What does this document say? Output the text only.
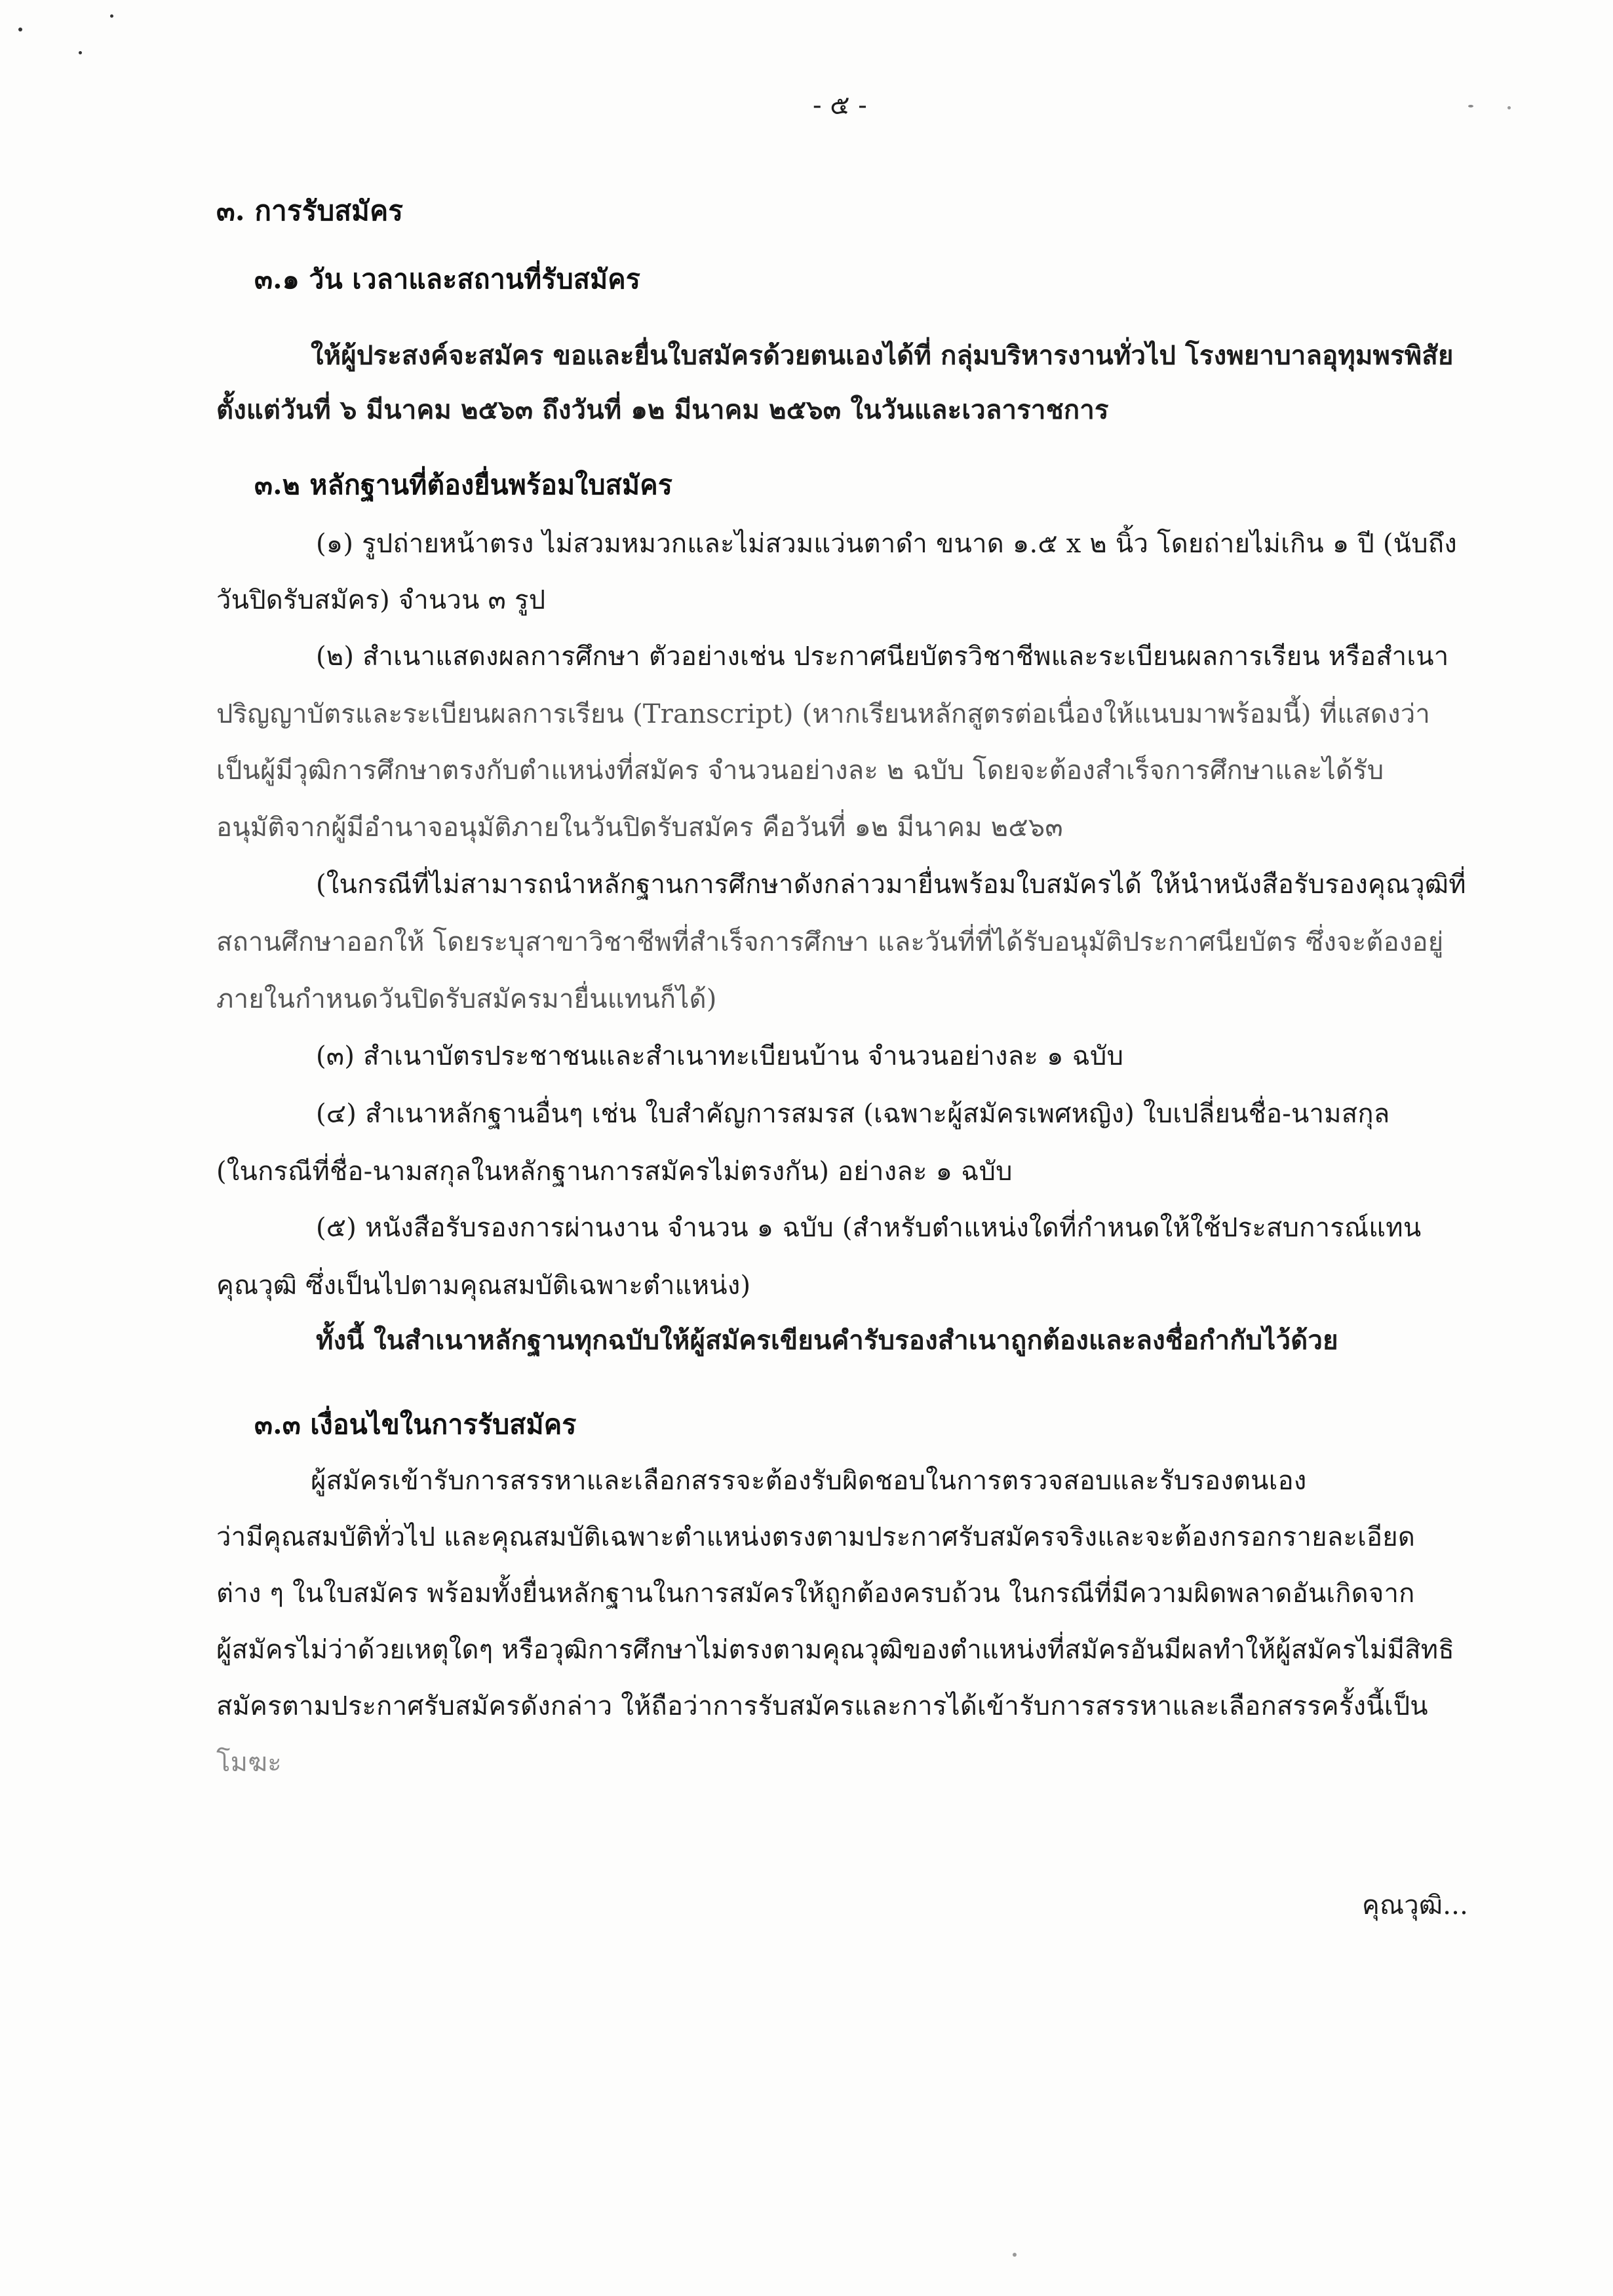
- ๕ -
๓. การรับสมัคร
๓.๑ วัน เวลาและสถานที่รับสมัคร
ให้ผู้ประสงค์จะสมัคร ขอและยื่นใบสมัครด้วยตนเองได้ที่ กลุ่มบริหารงานทั่วไป โรงพยาบาลอุทุมพรพิสัย
ตั้งแต่วันที่ ๖ มีนาคม ๒๕๖๓ ถึงวันที่ ๑๒ มีนาคม ๒๕๖๓ ในวันและเวลาราชการ
๓.๒ หลักฐานที่ต้องยื่นพร้อมใบสมัคร
(๑) รูปถ่ายหน้าตรง ไม่สวมหมวกและไม่สวมแว่นตาดำ ขนาด ๑.๕ x ๒ นิ้ว โดยถ่ายไม่เกิน ๑ ปี (นับถึง
วันปิดรับสมัคร) จำนวน ๓ รูป
(๒) สำเนาแสดงผลการศึกษา ตัวอย่างเช่น ประกาศนียบัตรวิชาชีพและระเบียนผลการเรียน หรือสำเนา
ปริญญาบัตรและระเบียนผลการเรียน (Transcript) (หากเรียนหลักสูตรต่อเนื่องให้แนบมาพร้อมนี้) ที่แสดงว่า
เป็นผู้มีวุฒิการศึกษาตรงกับตำแหน่งที่สมัคร จำนวนอย่างละ ๒ ฉบับ โดยจะต้องสำเร็จการศึกษาและได้รับ
อนุมัติจากผู้มีอำนาจอนุมัติภายในวันปิดรับสมัคร คือวันที่ ๑๒ มีนาคม ๒๕๖๓
(ในกรณีที่ไม่สามารถนำหลักฐานการศึกษาดังกล่าวมายื่นพร้อมใบสมัครได้ ให้นำหนังสือรับรองคุณวุฒิที่
สถานศึกษาออกให้ โดยระบุสาขาวิชาชีพที่สำเร็จการศึกษา และวันที่ที่ได้รับอนุมัติประกาศนียบัตร ซึ่งจะต้องอยู่
ภายในกำหนดวันปิดรับสมัครมายื่นแทนก็ได้)
(๓) สำเนาบัตรประชาชนและสำเนาทะเบียนบ้าน จำนวนอย่างละ ๑ ฉบับ
(๔) สำเนาหลักฐานอื่นๆ เช่น ใบสำคัญการสมรส (เฉพาะผู้สมัครเพศหญิง) ใบเปลี่ยนชื่อ-นามสกุล
(ในกรณีที่ชื่อ-นามสกุลในหลักฐานการสมัครไม่ตรงกัน) อย่างละ ๑ ฉบับ
(๕) หนังสือรับรองการผ่านงาน จำนวน ๑ ฉบับ (สำหรับตำแหน่งใดที่กำหนดให้ใช้ประสบการณ์แทน
คุณวุฒิ ซึ่งเป็นไปตามคุณสมบัติเฉพาะตำแหน่ง)
ทั้งนี้ ในสำเนาหลักฐานทุกฉบับให้ผู้สมัครเขียนคำรับรองสำเนาถูกต้องและลงชื่อกำกับไว้ด้วย
๓.๓ เงื่อนไขในการรับสมัคร
ผู้สมัครเข้ารับการสรรหาและเลือกสรรจะต้องรับผิดชอบในการตรวจสอบและรับรองตนเอง
ว่ามีคุณสมบัติทั่วไป และคุณสมบัติเฉพาะตำแหน่งตรงตามประกาศรับสมัครจริงและจะต้องกรอกรายละเอียด
ต่าง ๆ ในใบสมัคร พร้อมทั้งยื่นหลักฐานในการสมัครให้ถูกต้องครบถ้วน ในกรณีที่มีความผิดพลาดอันเกิดจาก
ผู้สมัครไม่ว่าด้วยเหตุใดๆ หรือวุฒิการศึกษาไม่ตรงตามคุณวุฒิของตำแหน่งที่สมัครอันมีผลทำให้ผู้สมัครไม่มีสิทธิ
สมัครตามประกาศรับสมัครดังกล่าว ให้ถือว่าการรับสมัครและการได้เข้ารับการสรรหาและเลือกสรรครั้งนี้เป็น
โมฆะ
คุณวุฒิ...
